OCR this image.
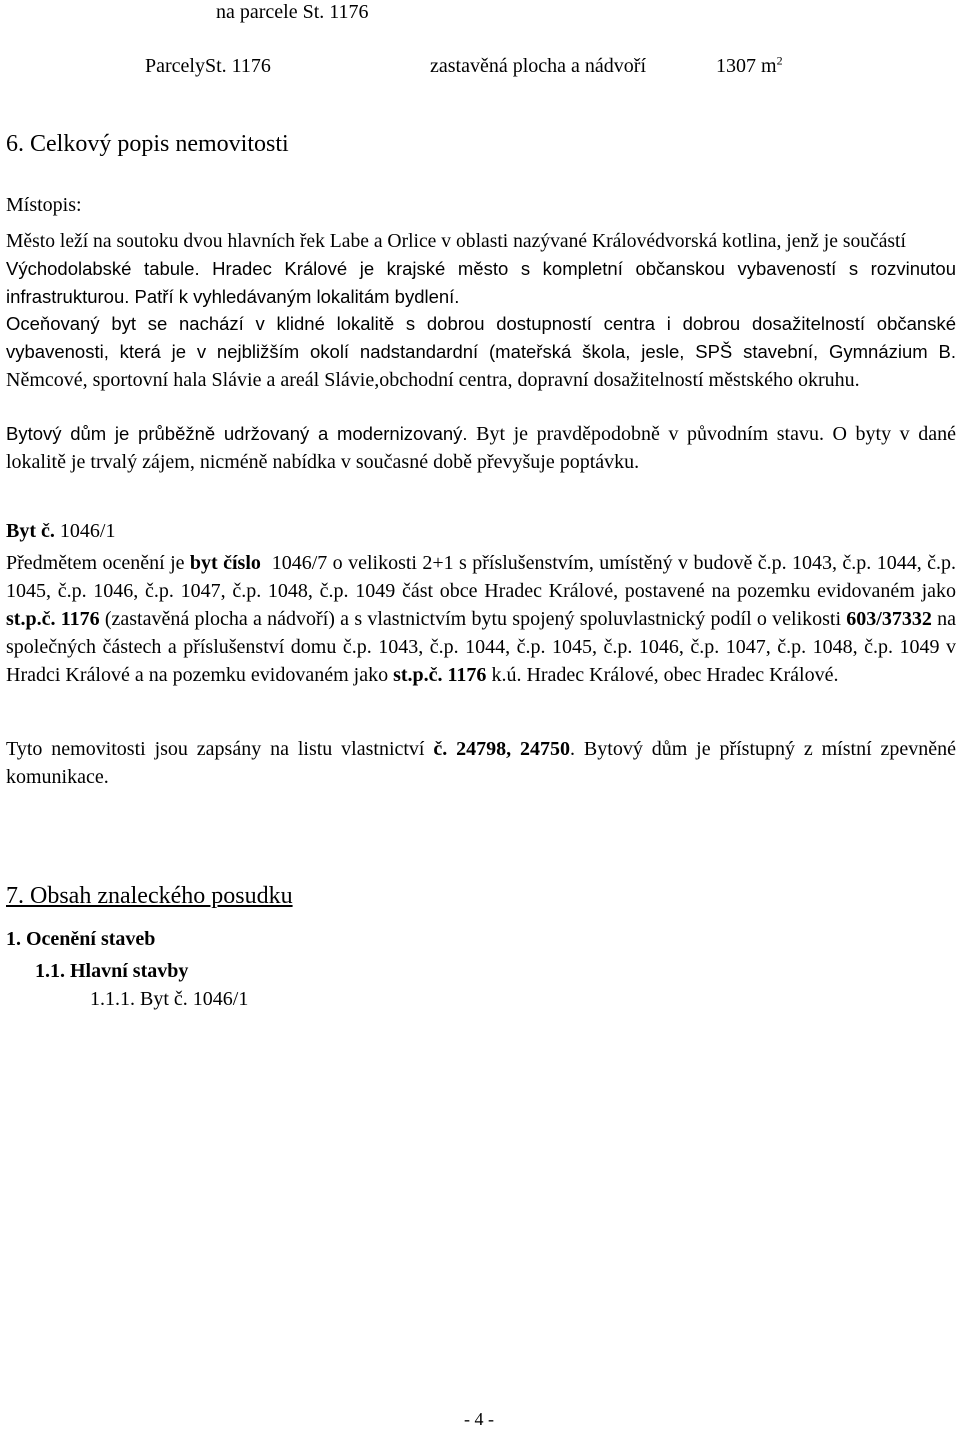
na parcele St. 1176
ParcelySt. 1176	zastavěná plocha a nádvoří	1307 $m^2$
6. Celkový popis nemovitosti
Místopis:
Město leží na soutoku dvou hlavních řek Labe a Orlice v oblasti nazývané Královédvorská kotlina, jenž je součástí
Východolabské tabule. Hradec Králové je krajské město s kompletní občanskou vybaveností s rozvinutou infrastrukturou. Patří k vyhledávaným lokalitám bydlení.
Oceňovaný byt se nachází v klidné lokalitě s dobrou dostupností centra i dobrou dosažitelností občanské vybavenosti, která je v nejbližším okolí nadstandardní (mateřská škola, jesle, SPŠ stavební, Gymnázium B. Němcové, sportovní hala Slávie a areál Slávie,obchodní centra, dopravní dosažitelností městského okruhu.
Bytový dům je průběžně udržovaný a modernizovaný. Byt je pravděpodobně v původním stavu. O byty v dané lokalitě je trvalý zájem, nicméně nabídka v současné době převyšuje poptávku.
Byt č. 1046/1
Předmětem ocenění je byt číslo 1046/7 o velikosti 2+1 s příslušenstvím, umístěný v budově č.p. 1043, č.p. 1044, č.p. 1045, č.p. 1046, č.p. 1047, č.p. 1048, č.p. 1049 část obce Hradec Králové, postavené na pozemku evidovaném jako st.p.č. 1176 (zastavěná plocha a nádvoří) a s vlastnictvím bytu spojený spoluvlastnický podíl o velikosti 603/37332 na společných částech a příslušenství domu č.p. 1043, č.p. 1044, č.p. 1045, č.p. 1046, č.p. 1047, č.p. 1048, č.p. 1049 v Hradci Králové a na pozemku evidovaném jako st.p.č. 1176 k.ú. Hradec Králové, obec Hradec Králové.
Tyto nemovitosti jsou zapsány na listu vlastnictví č. 24798, 24750. Bytový dům je přístupný z místní zpevněné komunikace.
7. Obsah znaleckého posudku
1. Ocenění staveb
1.1. Hlavní stavby
1.1.1. Byt č. 1046/1
- 4 -
